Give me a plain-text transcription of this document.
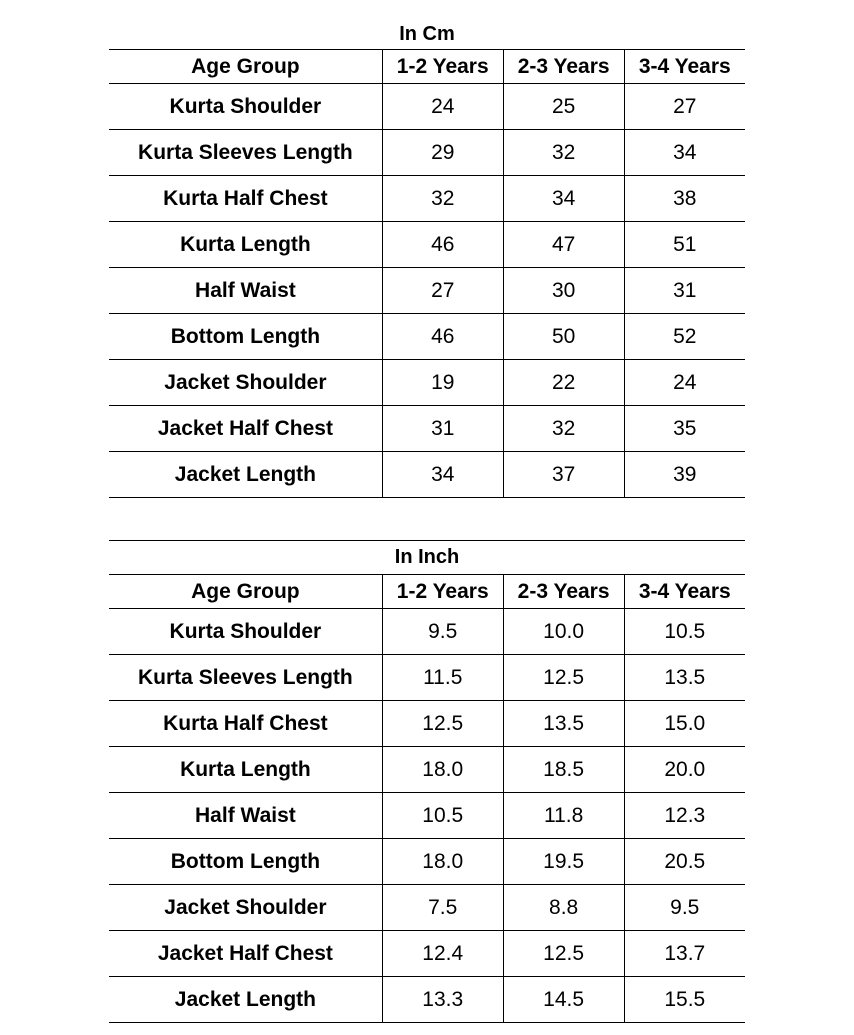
In Cm			
Age Group	1-2 Years	2-3 Years	3-4 Years
Kurta Shoulder	24	25	27
Kurta Sleeves Length	29	32	34
Kurta Half Chest	32	34	38
Kurta Length	46	47	51
Half Waist	27	30	31
Bottom Length	46	50	52
Jacket Shoulder	19	22	24
Jacket Half Chest	31	32	35
Jacket Length	34	37	39
In Inch			
Age Group	1-2 Years	2-3 Years	3-4 Years
Kurta Shoulder	9.5	10.0	10.5
Kurta Sleeves Length	11.5	12.5	13.5
Kurta Half Chest	12.5	13.5	15.0
Kurta Length	18.0	18.5	20.0
Half Waist	10.5	11.8	12.3
Bottom Length	18.0	19.5	20.5
Jacket Shoulder	7.5	8.8	9.5
Jacket Half Chest	12.4	12.5	13.7
Jacket Length	13.3	14.5	15.5
